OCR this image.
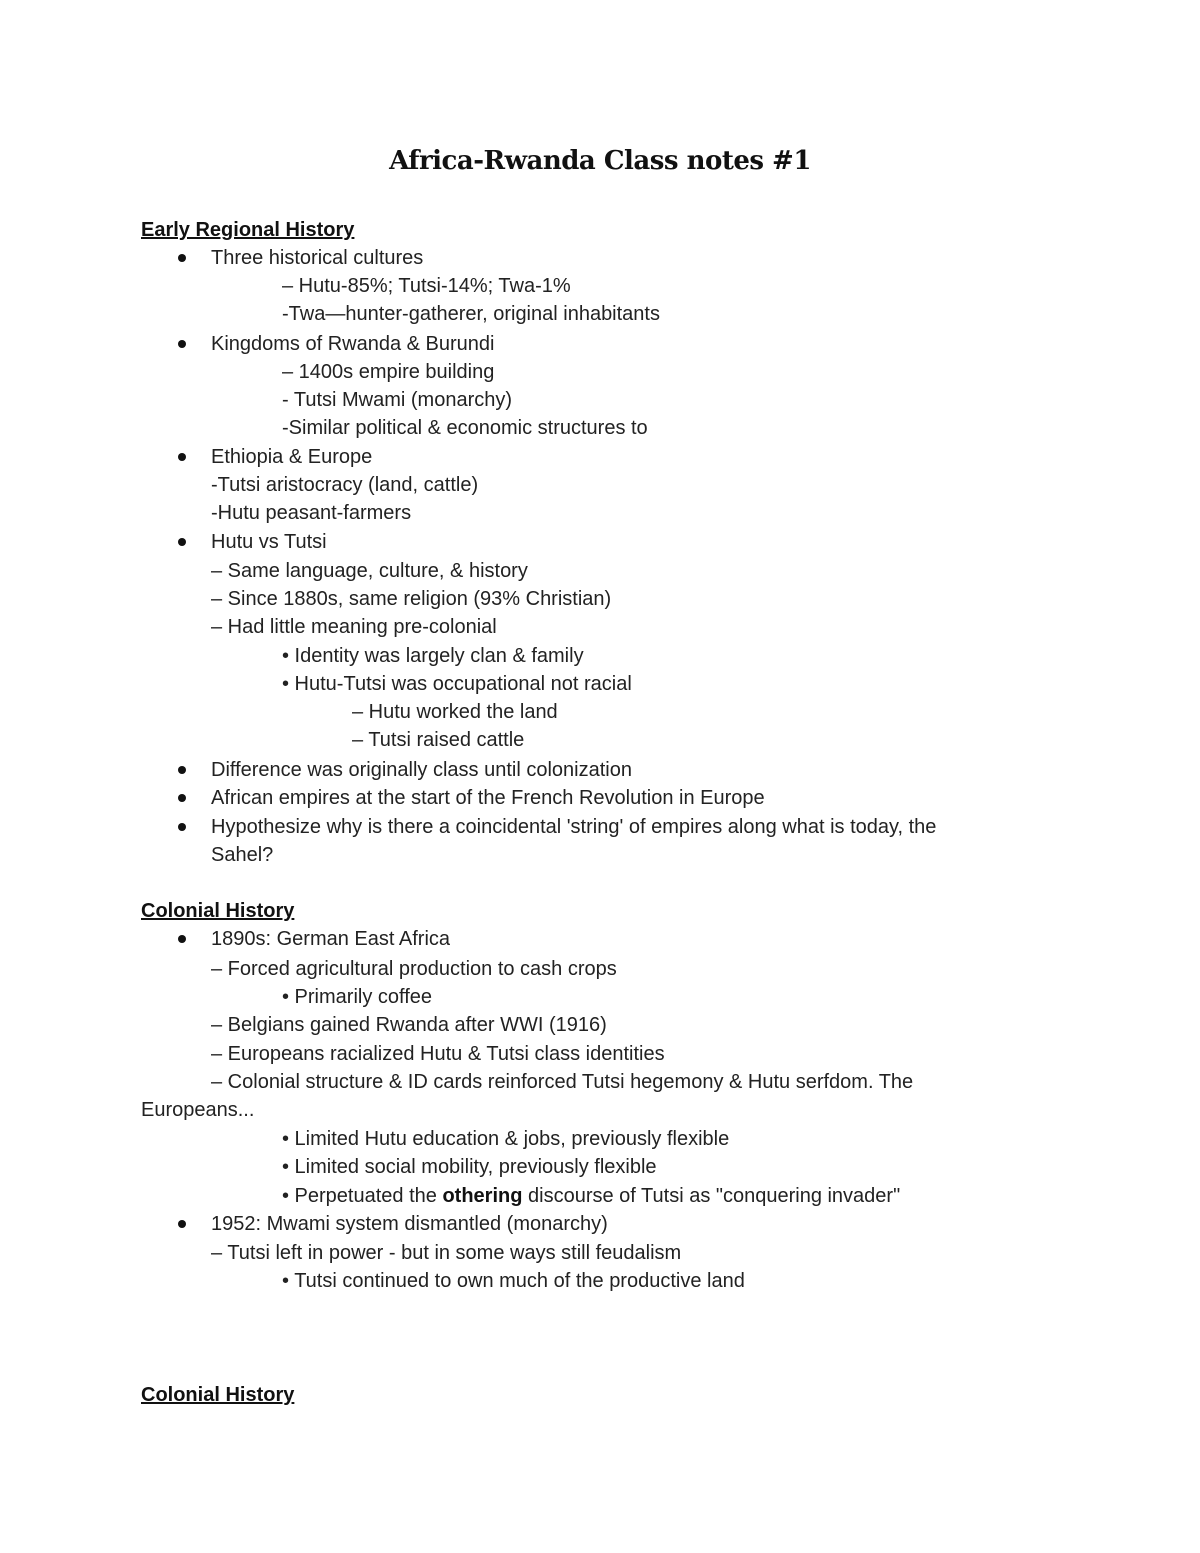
Africa-Rwanda Class notes #1
Early Regional History
Three historical cultures
– Hutu-85%; Tutsi-14%; Twa-1%
-Twa—hunter-gatherer, original inhabitants
Kingdoms of Rwanda & Burundi
– 1400s empire building
- Tutsi Mwami (monarchy)
-Similar political & economic structures to
Ethiopia & Europe
-Tutsi aristocracy (land, cattle)
-Hutu peasant-farmers
Hutu vs Tutsi
– Same language, culture, & history
– Since 1880s, same religion (93% Christian)
– Had little meaning pre-colonial
• Identity was largely clan & family
• Hutu-Tutsi was occupational not racial
– Hutu worked the land
– Tutsi raised cattle
Difference was originally class until colonization
African empires at the start of the French Revolution in Europe
Hypothesize why is there a coincidental 'string' of empires along what is today, the
Sahel?
Colonial History
1890s: German East Africa
– Forced agricultural production to cash crops
• Primarily coffee
– Belgians gained Rwanda after WWI (1916)
– Europeans racialized Hutu & Tutsi class identities
– Colonial structure & ID cards reinforced Tutsi hegemony & Hutu serfdom. The
Europeans...
• Limited Hutu education & jobs, previously flexible
• Limited social mobility, previously flexible
• Perpetuated the othering discourse of Tutsi as "conquering invader"
1952: Mwami system dismantled (monarchy)
– Tutsi left in power - but in some ways still feudalism
• Tutsi continued to own much of the productive land
Colonial History
